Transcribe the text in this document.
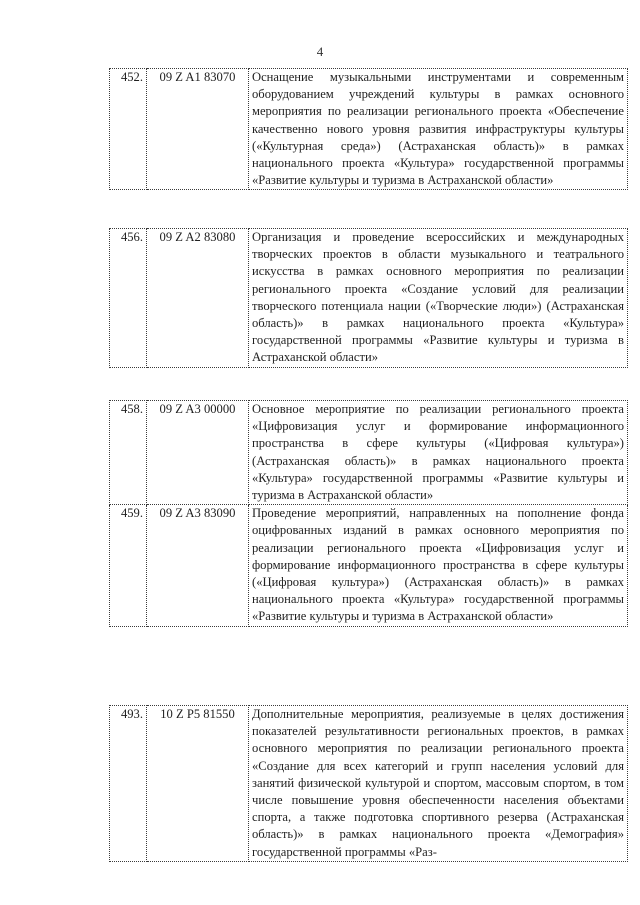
4
452.	09 Z A1 83070	Оснащение музыкальными инструментами и современным оборудованием учреждений культуры в рамках основного мероприятия по реализации регионального проекта «Обеспечение качественно нового уровня развития инфраструктуры культуры («Культурная среда») (Астраханская область)» в рамках национального проекта «Культура» государственной программы «Развитие культуры и туризма в Астраханской области»
456.	09 Z A2 83080	Организация и проведение всероссийских и международных творческих проектов в области музыкального и театрального искусства в рамках основного мероприятия по реализации регионального проекта «Создание условий для реализации творческого потенциала нации («Творческие люди») (Астраханская область)» в рамках национального проекта «Культура» государственной программы «Развитие культуры и туризма в Астраханской области»
458.	09 Z A3 00000	Основное мероприятие по реализации регионального проекта «Цифровизация услуг и формирование информационного пространства в сфере культуры («Цифровая культура») (Астраханская область)» в рамках национального проекта «Культура» государственной программы «Развитие культуры и туризма в Астраханской области»
459.	09 Z A3 83090	Проведение мероприятий, направленных на пополнение фонда оцифрованных изданий в рамках основного мероприятия по реализации регионального проекта «Цифровизация услуг и формирование информационного пространства в сфере культуры («Цифровая культура») (Астраханская область)» в рамках национального проекта «Культура» государственной программы «Развитие культуры и туризма в Астраханской области»
493.	10 Z P5 81550	Дополнительные мероприятия, реализуемые в целях достижения показателей результативности региональных проектов, в рамках основного мероприятия по реализации регионального проекта «Создание для всех категорий и групп населения условий для занятий физической культурой и спортом, массовым спортом, в том числе повышение уровня обеспеченности населения объектами спорта, а также подготовка спортивного резерва (Астраханская область)» в рамках национального проекта «Демография» государственной программы «Раз-
